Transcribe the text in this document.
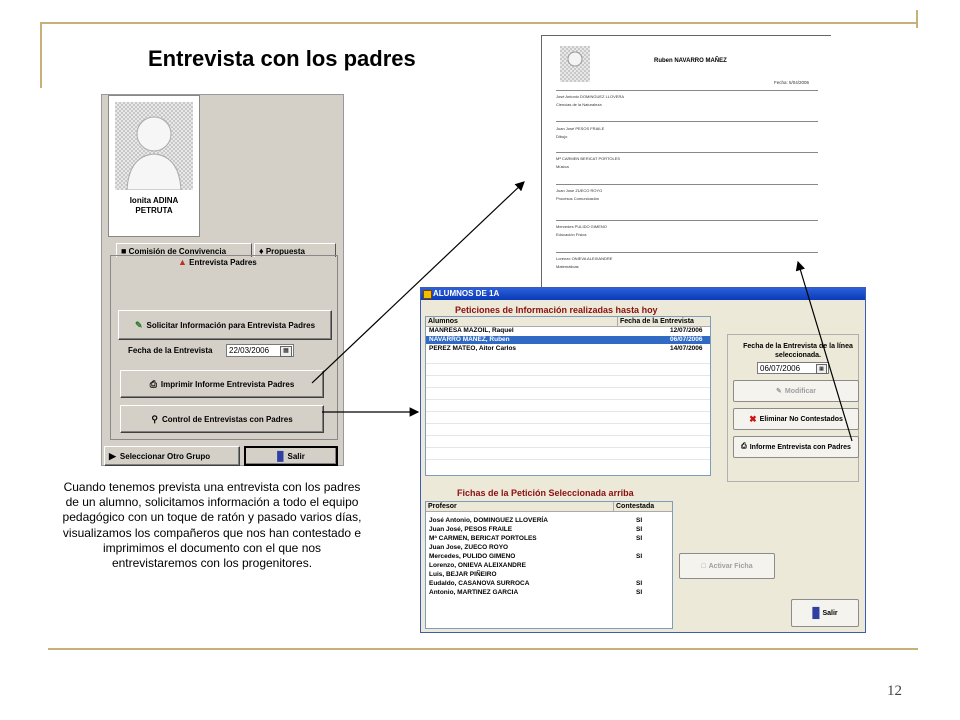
Entrevista con los padres
12
Cuando tenemos prevista una entrevista con los padres de un alumno, solicitamos información a todo el equipo pedagógico con un toque de ratón y pasado varios días, visualizamos los compañeros que nos han contestado e imprimimos el documento con el que nos entrevistaremos con los progenitores.
Ionita ADINA
PETRUTA
■ Comisión de Convivencia	♦ Propuesta
▲ Entrevista Padres
✎ Solicitar Información para Entrevista Padres
Fecha de la Entrevista	22/03/2006	▦
⎙ Imprimir Informe Entrevista Padres
⚲ Control de Entrevistas con Padres
▶ Seleccionar Otro Grupo	█ Salir
Ruben NAVARRO MAÑEZ
Fecha: 5/04/2006
José Antonio DOMINGUEZ LLOVERA
Ciencias de la Naturaleza
Juan José PESOS FRAILE
Dibujo
Mª CARMEN BERICAT PORTOLES
Música
Juan Jose ZUECO ROYO
Procesos Comunicación
Mercedes PULIDO GIMENO
Educación Física
Lorenzo ONIEVA ALEIXANDRE
Matemáticas
ALUMNOS DE 1A
Peticiones de Información realizadas hasta hoy
Alumnos	Fecha de la Entrevista
MANRESA MAZOIL, Raquel	12/07/2006
NAVARRO MAÑEZ, Ruben	06/07/2006
PEREZ MATEO, Aitor Carlos	14/07/2006	Fecha de la Entrevista de la línea seleccionada.
06/07/2006	▦
✎ Modificar
✖ Eliminar No Contestados
⎙ Informe Entrevista con Padres
Fichas de la Petición Seleccionada arriba
Profesor	Contestada
José Antonio, DOMINGUEZ LLOVERÍA	SI
Juan José, PESOS FRAILE	SI
Mª CARMEN, BERICAT PORTOLES	SI
Juan Jose, ZUECO ROYO
Mercedes, PULIDO GIMENO	SI
Lorenzo, ONIEVA ALEIXANDRE
Luis, BEJAR PIÑEIRO
Eudaldo, CASANOVA SURROCA	SI
Antonio, MARTINEZ GARCIA	SI
□ Activar Ficha
█ Salir
